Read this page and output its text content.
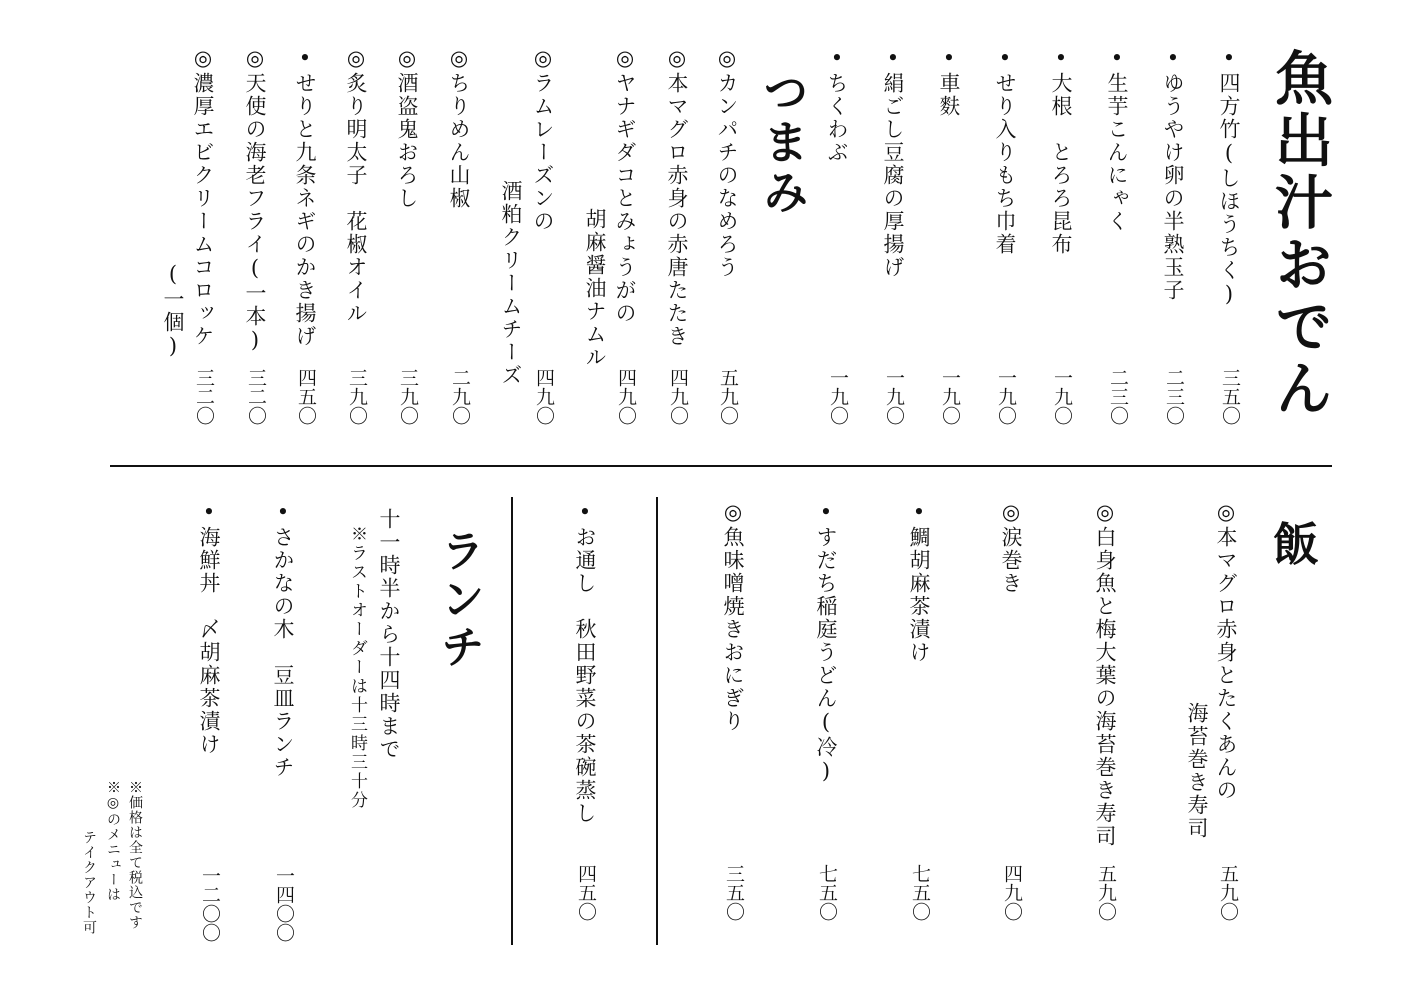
魚出汁おでん
•四方竹(しほうちく)
三五〇
•ゆうやけ卵の半熟玉子
二三〇
•生芋こんにゃく
二三〇
•大根　とろろ昆布
一九〇
•せり入りもち巾着
一九〇
•車麩
一九〇
•絹ごし豆腐の厚揚げ
一九〇
•ちくわぶ
一九〇
つまみ
◎カンパチのなめろう
五九〇
◎本マグロ赤身の赤唐たたき
四九〇
◎ヤナギダコとみょうがの
胡麻醤油ナムル
四九〇
◎ラムレーズンの
酒粕クリームチーズ
四九〇
◎ちりめん山椒
二九〇
◎酒盗鬼おろし
三九〇
◎炙り明太子　花椒オイル
三九〇
•せりと九条ネギのかき揚げ
四五〇
◎天使の海老フライ(一本)
三二〇
◎濃厚エビクリームコロッケ
(一個)
三二〇
飯
◎本マグロ赤身とたくあんの
海苔巻き寿司
五九〇
◎白身魚と梅大葉の海苔巻き寿司
五九〇
◎涙巻き
四九〇
•鯛胡麻茶漬け
七五〇
•すだち稲庭うどん(冷)
七五〇
◎魚味噌焼きおにぎり
三五〇
•お通し　秋田野菜の茶碗蒸し
四五〇
ランチ
十一時半から十四時まで
※ラストオーダーは十三時三十分
•さかなの木　豆皿ランチ
一四〇〇
•海鮮丼　〆胡麻茶漬け
一二〇〇
※価格は全て税込です
※◎のメニューは
テイクアウト可
